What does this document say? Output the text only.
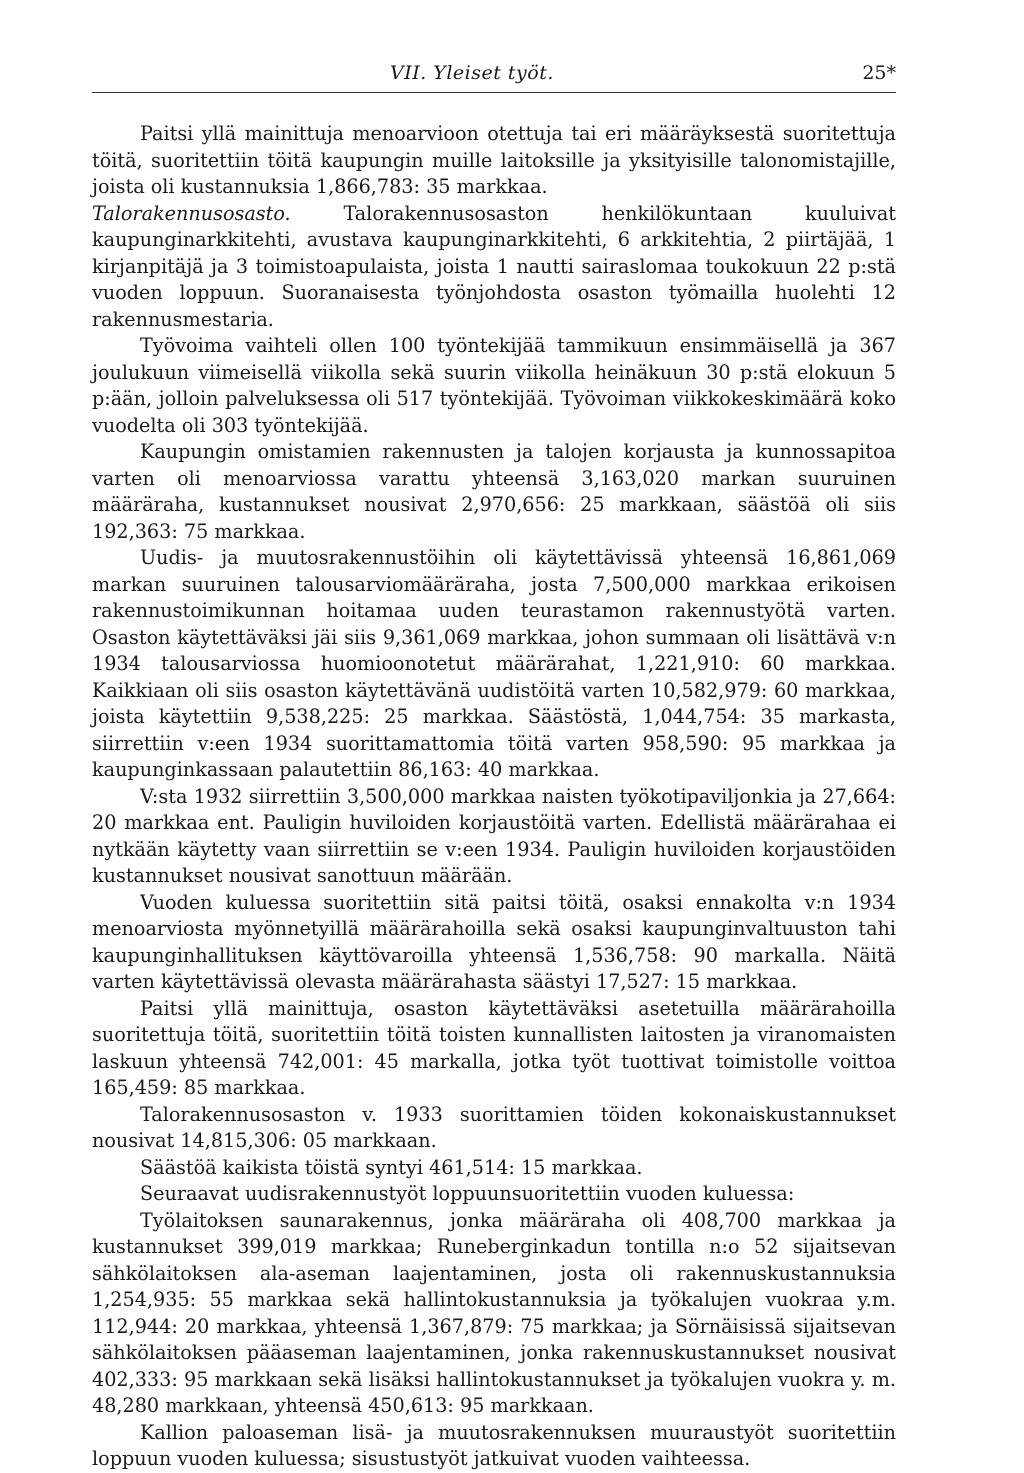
VII. Yleiset työt.	25*

Paitsi yllä mainittuja menoarvioon otettuja tai eri määräyksestä suoritettuja töitä, suoritettiin töitä kaupungin muille laitoksille ja yksityisille talonomistajille, joista oli kustannuksia 1,866,783: 35 markkaa.

Talorakennusosasto. Talorakennusosaston henkilökuntaan kuuluivat kaupunginarkkitehti, avustava kaupunginarkkitehti, 6 arkkitehtia, 2 piirtäjää, 1 kirjanpitäjä ja 3 toimistoapulaista, joista 1 nautti sairaslomaa toukokuun 22 p:stä vuoden loppuun. Suoranaisesta työnjohdosta osaston työmailla huolehti 12 rakennusmestaria.

Työvoima vaihteli ollen 100 työntekijää tammikuun ensimmäisellä ja 367 joulukuun viimeisellä viikolla sekä suurin viikolla heinäkuun 30 p:stä elokuun 5 p:ään, jolloin palveluksessa oli 517 työntekijää. Työvoiman viikkokeskimäärä koko vuodelta oli 303 työntekijää.

Kaupungin omistamien rakennusten ja talojen korjausta ja kunnossapitoa varten oli menoarviossa varattu yhteensä 3,163,020 markan suuruinen määräraha, kustannukset nousivat 2,970,656: 25 markkaan, säästöä oli siis 192,363: 75 markkaa.

Uudis- ja muutosrakennustöihin oli käytettävissä yhteensä 16,861,069 markan suuruinen talousarviomääräraha, josta 7,500,000 markkaa erikoisen rakennustoimikunnan hoitamaa uuden teurastamon rakennustyötä varten. Osaston käytettäväksi jäi siis 9,361,069 markkaa, johon summaan oli lisättävä v:n 1934 talousarviossa huomioonotetut määrärahat, 1,221,910: 60 markkaa. Kaikkiaan oli siis osaston käytettävänä uudistöitä varten 10,582,979: 60 markkaa, joista käytettiin 9,538,225: 25 markkaa. Säästöstä, 1,044,754: 35 markasta, siirrettiin v:een 1934 suorittamattomia töitä varten 958,590: 95 markkaa ja kaupunginkassaan palautettiin 86,163: 40 markkaa.

V:sta 1932 siirrettiin 3,500,000 markkaa naisten työkotipaviljonkia ja 27,664: 20 markkaa ent. Pauligin huviloiden korjaustöitä varten. Edellistä määrärahaa ei nytkään käytetty vaan siirrettiin se v:een 1934. Pauligin huviloiden korjaustöiden kustannukset nousivat sanottuun määrään.

Vuoden kuluessa suoritettiin sitä paitsi töitä, osaksi ennakolta v:n 1934 menoarviosta myönnetyillä määrärahoilla sekä osaksi kaupunginvaltuuston tahi kaupunginhallituksen käyttövaroilla yhteensä 1,536,758: 90 markalla. Näitä varten käytettävissä olevasta määrärahasta säästyi 17,527: 15 markkaa.

Paitsi yllä mainittuja, osaston käytettäväksi asetetuilla määrärahoilla suoritettuja töitä, suoritettiin töitä toisten kunnallisten laitosten ja viranomaisten laskuun yhteensä 742,001: 45 markalla, jotka työt tuottivat toimistolle voittoa 165,459: 85 markkaa.

Talorakennusosaston v. 1933 suorittamien töiden kokonaiskustannukset nousivat 14,815,306: 05 markkaan.

Säästöä kaikista töistä syntyi 461,514: 15 markkaa.

Seuraavat uudisrakennustyöt loppuunsuoritettiin vuoden kuluessa:

Työlaitoksen saunarakennus, jonka määräraha oli 408,700 markkaa ja kustannukset 399,019 markkaa; Runeberginkadun tontilla n:o 52 sijaitsevan sähkölaitoksen ala-aseman laajentaminen, josta oli rakennuskustannuksia 1,254,935: 55 markkaa sekä hallintokustannuksia ja työkalujen vuokraa y.m. 112,944: 20 markkaa, yhteensä 1,367,879: 75 markkaa; ja Sörnäisissä sijaitsevan sähkölaitoksen pääaseman laajentaminen, jonka rakennuskustannukset nousivat 402,333: 95 markkaan sekä lisäksi hallintokustannukset ja työkalujen vuokra y. m. 48,280 markkaan, yhteensä 450,613: 95 markkaan.

Kallion paloaseman lisä- ja muutosrakennuksen muuraustyöt suoritettiin loppuun vuoden kuluessa; sisustustyöt jatkuivat vuoden vaihteessa.
